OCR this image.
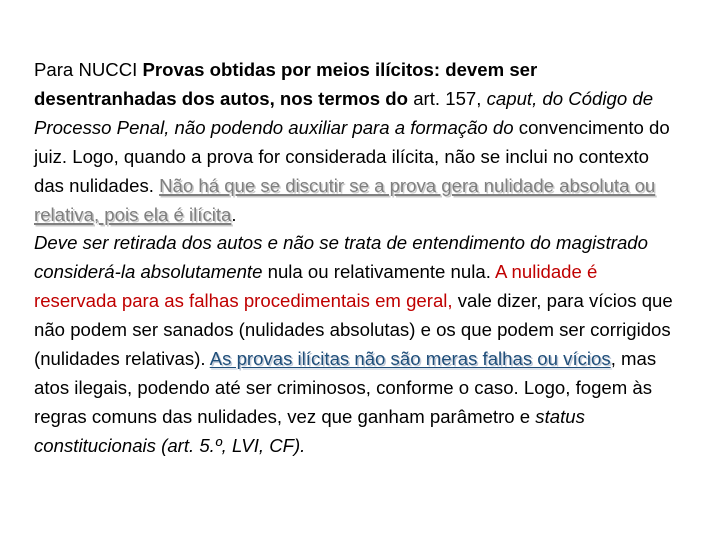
Para NUCCI Provas obtidas por meios ilícitos: devem ser desentranhadas dos autos, nos termos do art. 157, caput, do Código de Processo Penal, não podendo auxiliar para a formação do convencimento do juiz. Logo, quando a prova for considerada ilícita, não se inclui no contexto das nulidades. Não há que se discutir se a prova gera nulidade absoluta ou relativa, pois ela é ilícita.

Deve ser retirada dos autos e não se trata de entendimento do magistrado considerá-la absolutamente nula ou relativamente nula. A nulidade é reservada para as falhas procedimentais em geral, vale dizer, para vícios que não podem ser sanados (nulidades absolutas) e os que podem ser corrigidos (nulidades relativas). As provas ilícitas não são meras falhas ou vícios, mas atos ilegais, podendo até ser criminosos, conforme o caso. Logo, fogem às regras comuns das nulidades, vez que ganham parâmetro e status constitucionais (art. 5.º, LVI, CF).
